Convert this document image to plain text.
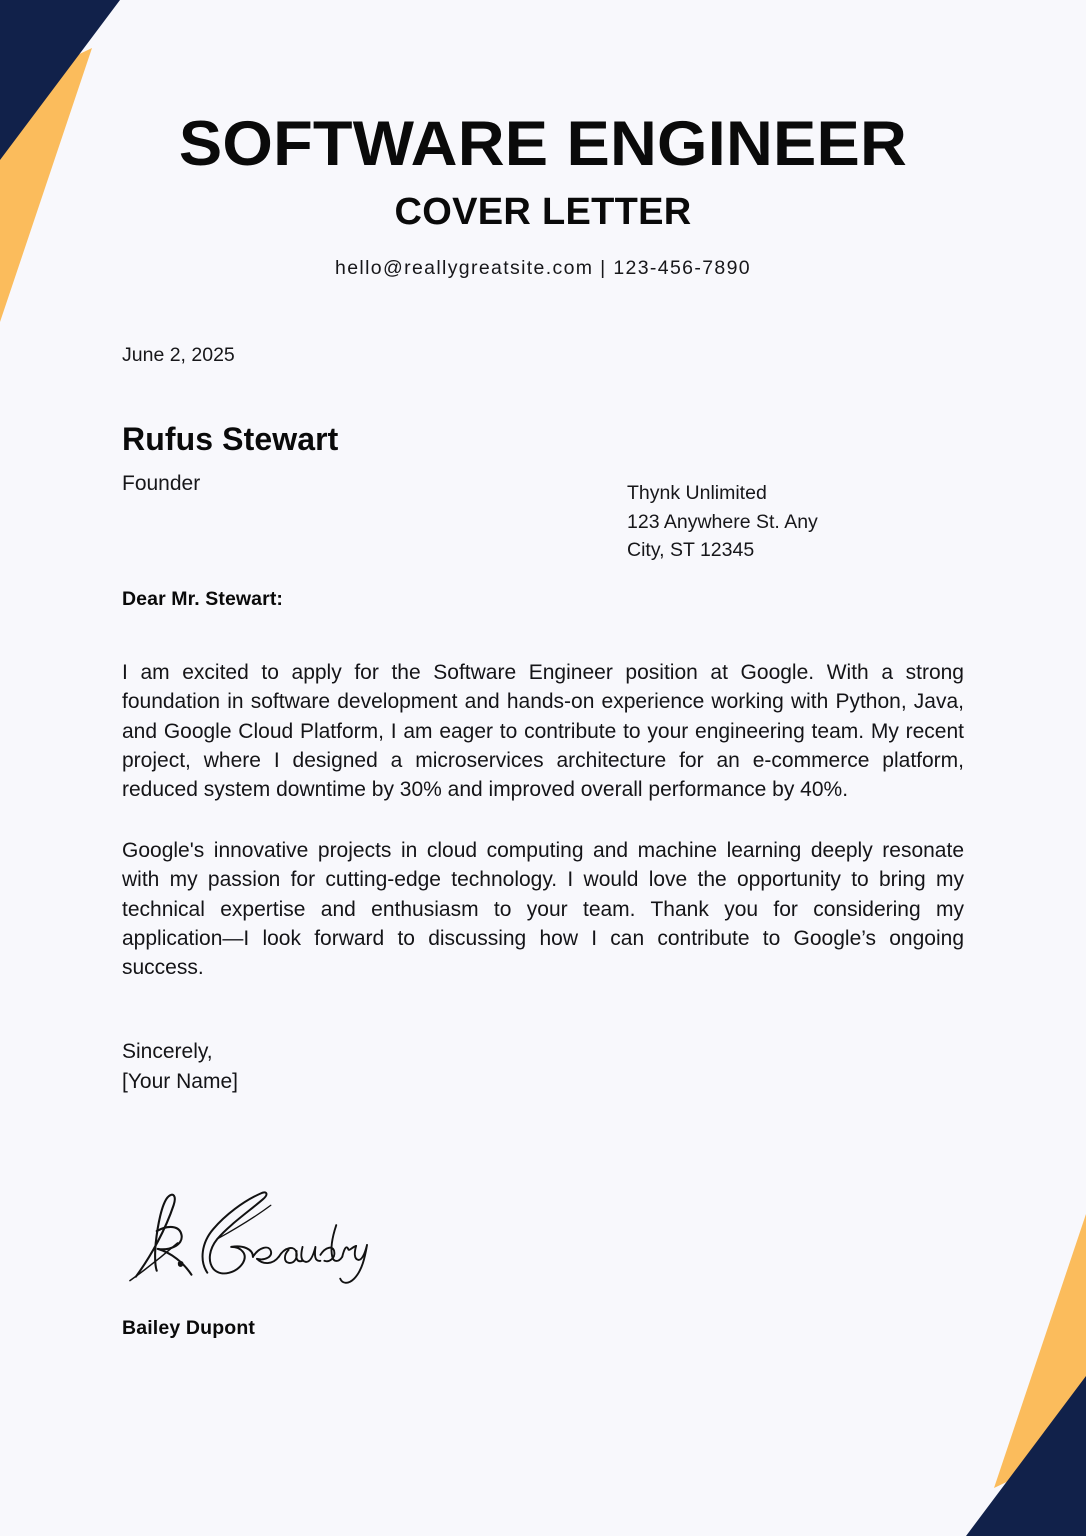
SOFTWARE ENGINEER
COVER LETTER
hello@reallygreatsite.com | 123-456-7890
June 2, 2025
Rufus Stewart
Founder	Thynk Unlimited
123 Anywhere St. Any
City, ST 12345
Dear Mr. Stewart:

I am excited to apply for the Software Engineer position at Google. With a strong foundation in software development and hands-on experience working with Python, Java, and Google Cloud Platform, I am eager to contribute to your engineering team. My recent project, where I designed a microservices architecture for an e-commerce platform, reduced system downtime by 30% and improved overall performance by 40%.

Google's innovative projects in cloud computing and machine learning deeply resonate with my passion for cutting-edge technology. I would love the opportunity to bring my technical expertise and enthusiasm to your team. Thank you for considering my application—I look forward to discussing how I can contribute to Google’s ongoing success.

Sincerely,
[Your Name]
Bailey Dupont
